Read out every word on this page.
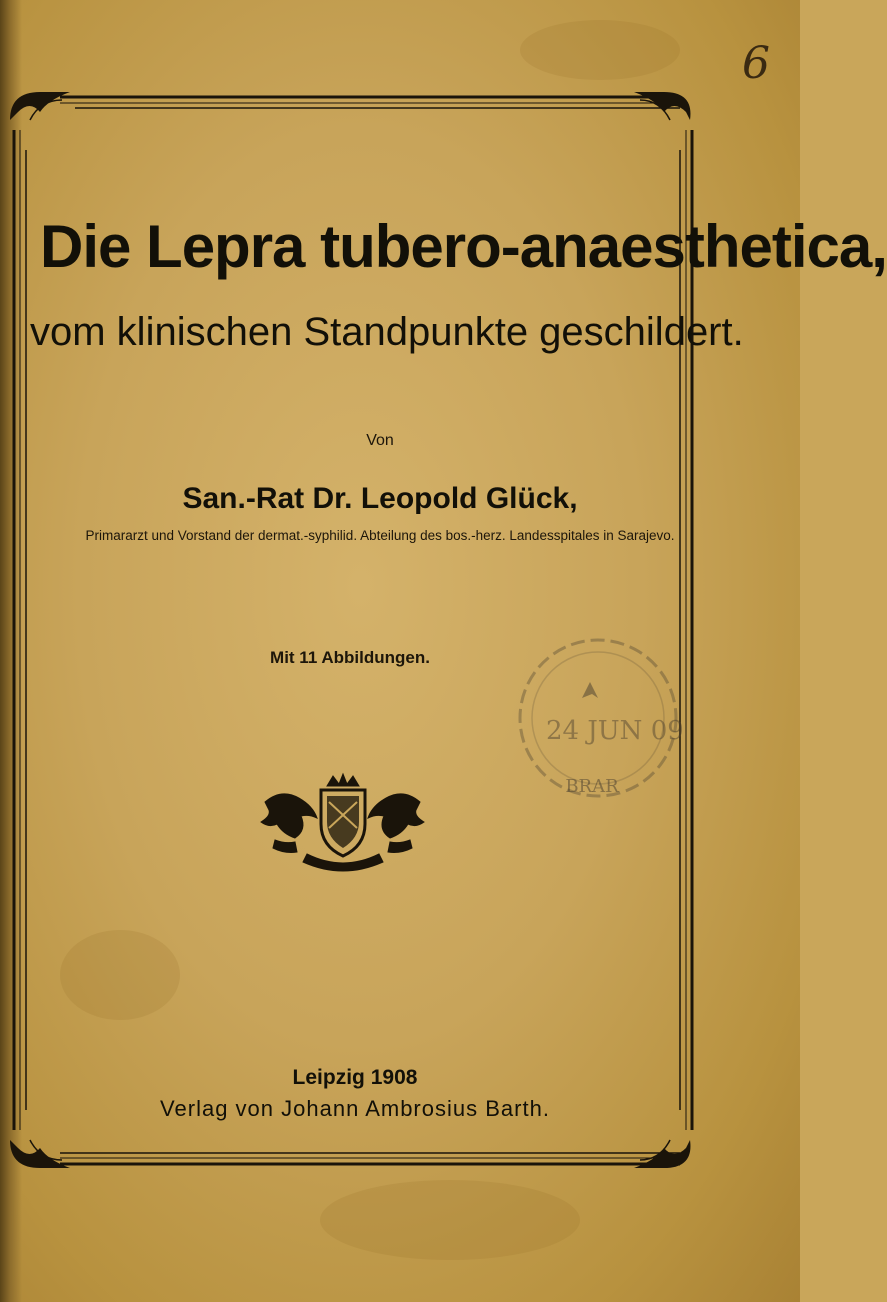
6
Die Lepra tubero-anaesthetica,
vom klinischen Standpunkte geschildert.
Von
San.-Rat Dr. Leopold Glück,
Primararzt und Vorstand der dermat.-syphilid. Abteilung des bos.-herz. Landesspitales in Sarajevo.
Mit 11 Abbildungen.
24 JUN 09
BRAR
Leipzig 1908
Verlag von Johann Ambrosius Barth.
